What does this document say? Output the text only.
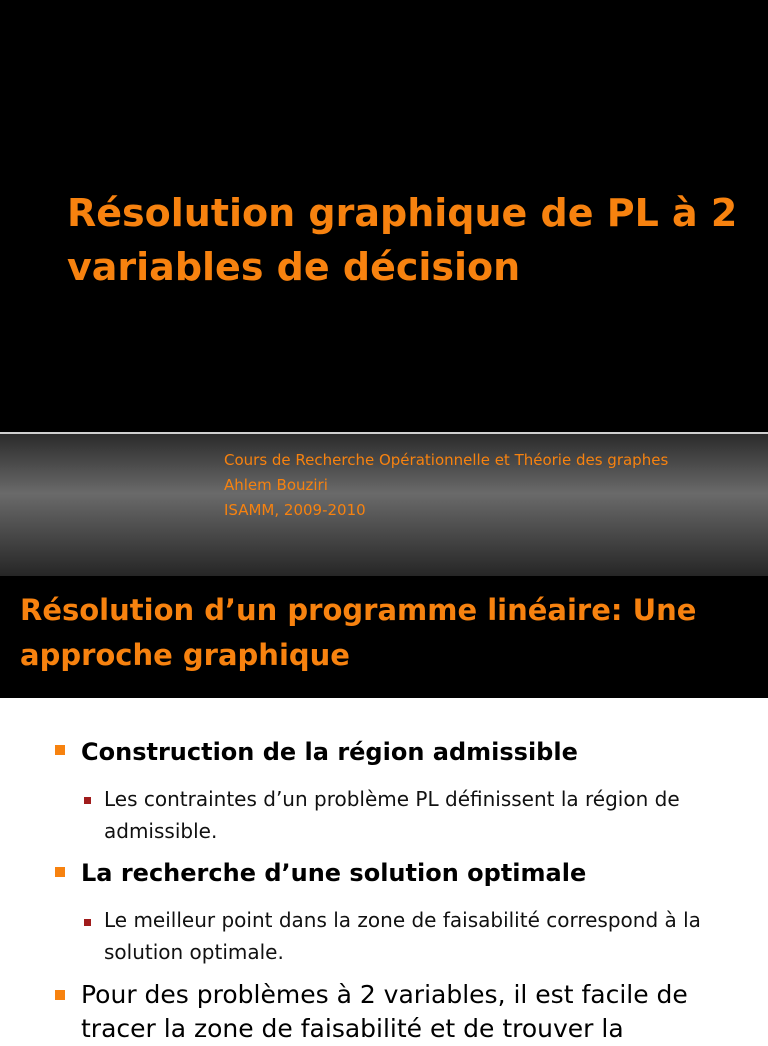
Résolution graphique de PL à 2 variables de décision
Cours de Recherche Opérationnelle et Théorie des graphes
Ahlem Bouziri
ISAMM, 2009-2010
Résolution d’un programme linéaire: Une approche graphique
Construction de la région admissible
Les contraintes d’un problème PL définissent la région de admissible.
La recherche d’une solution optimale
Le meilleur point dans la zone de faisabilité correspond à la solution optimale.
Pour des problèmes à 2 variables, il est facile de tracer la zone de faisabilité et de trouver la
